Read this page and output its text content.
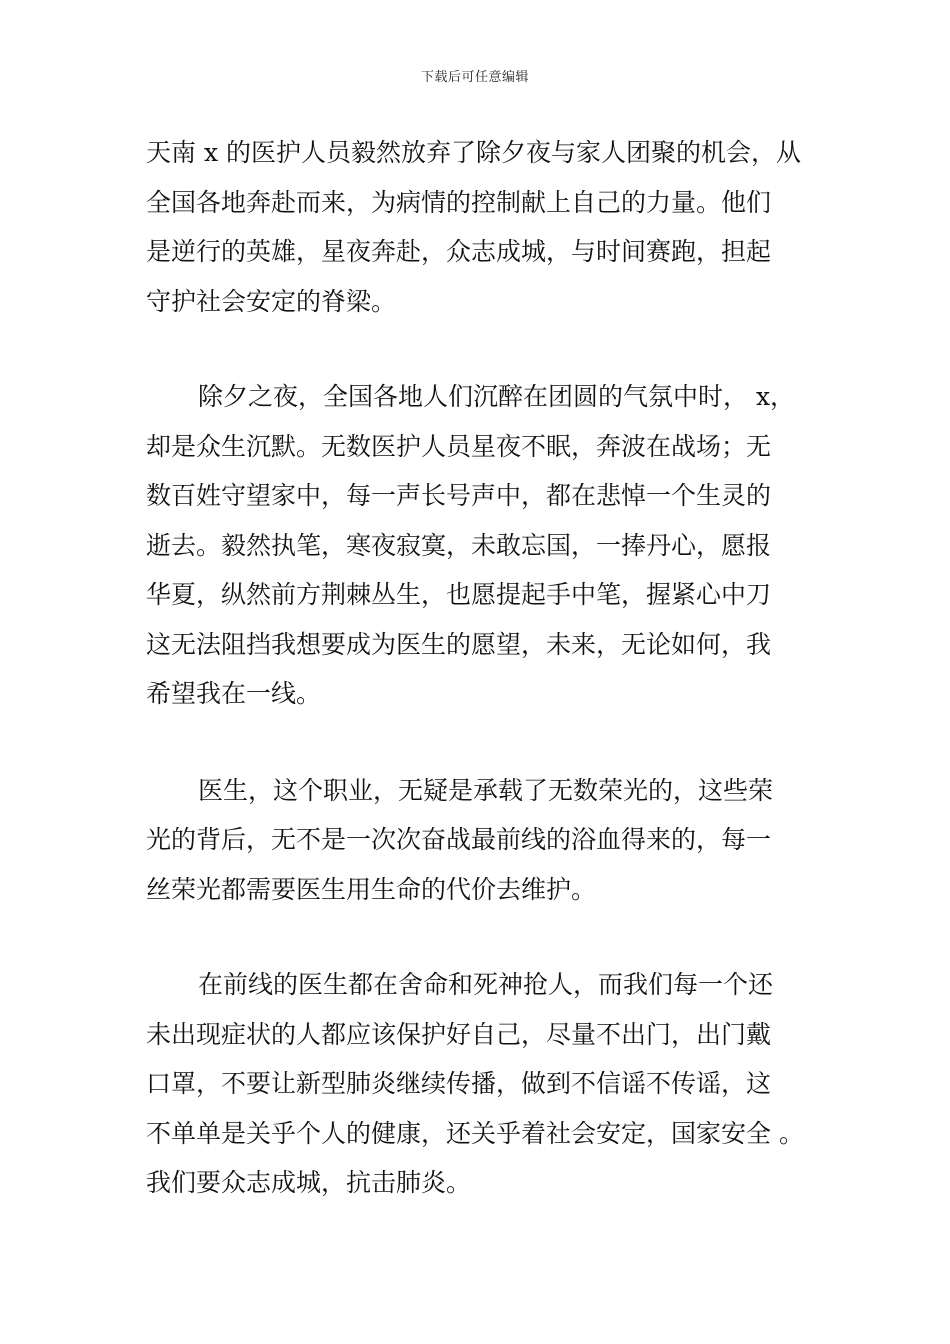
下载后可任意编辑

天南 x 的医护人员毅然放弃了除夕夜与家人团聚的机会，从
全国各地奔赴而来，为病情的控制献上自己的力量。他们
是逆行的英雄，星夜奔赴，众志成城，与时间赛跑，担起
守护社会安定的脊梁。

除夕之夜，全国各地人们沉醉在团圆的气氛中时， x，
却是众生沉默。无数医护人员星夜不眠，奔波在战场；无
数百姓守望家中，每一声长号声中，都在悲悼一个生灵的
逝去。毅然执笔，寒夜寂寞，未敢忘国，一捧丹心，愿报
华夏，纵然前方荆棘丛生，也愿提起手中笔，握紧心中刀
这无法阻挡我想要成为医生的愿望，未来，无论如何，我
希望我在一线。

医生，这个职业，无疑是承载了无数荣光的，这些荣
光的背后，无不是一次次奋战最前线的浴血得来的，每一
丝荣光都需要医生用生命的代价去维护。

在前线的医生都在舍命和死神抢人，而我们每一个还
未出现症状的人都应该保护好自己，尽量不出门，出门戴
口罩，不要让新型肺炎继续传播，做到不信谣不传谣，这
不单单是关乎个人的健康，还关乎着社会安定，国家安全 。
我们要众志成城，抗击肺炎。
